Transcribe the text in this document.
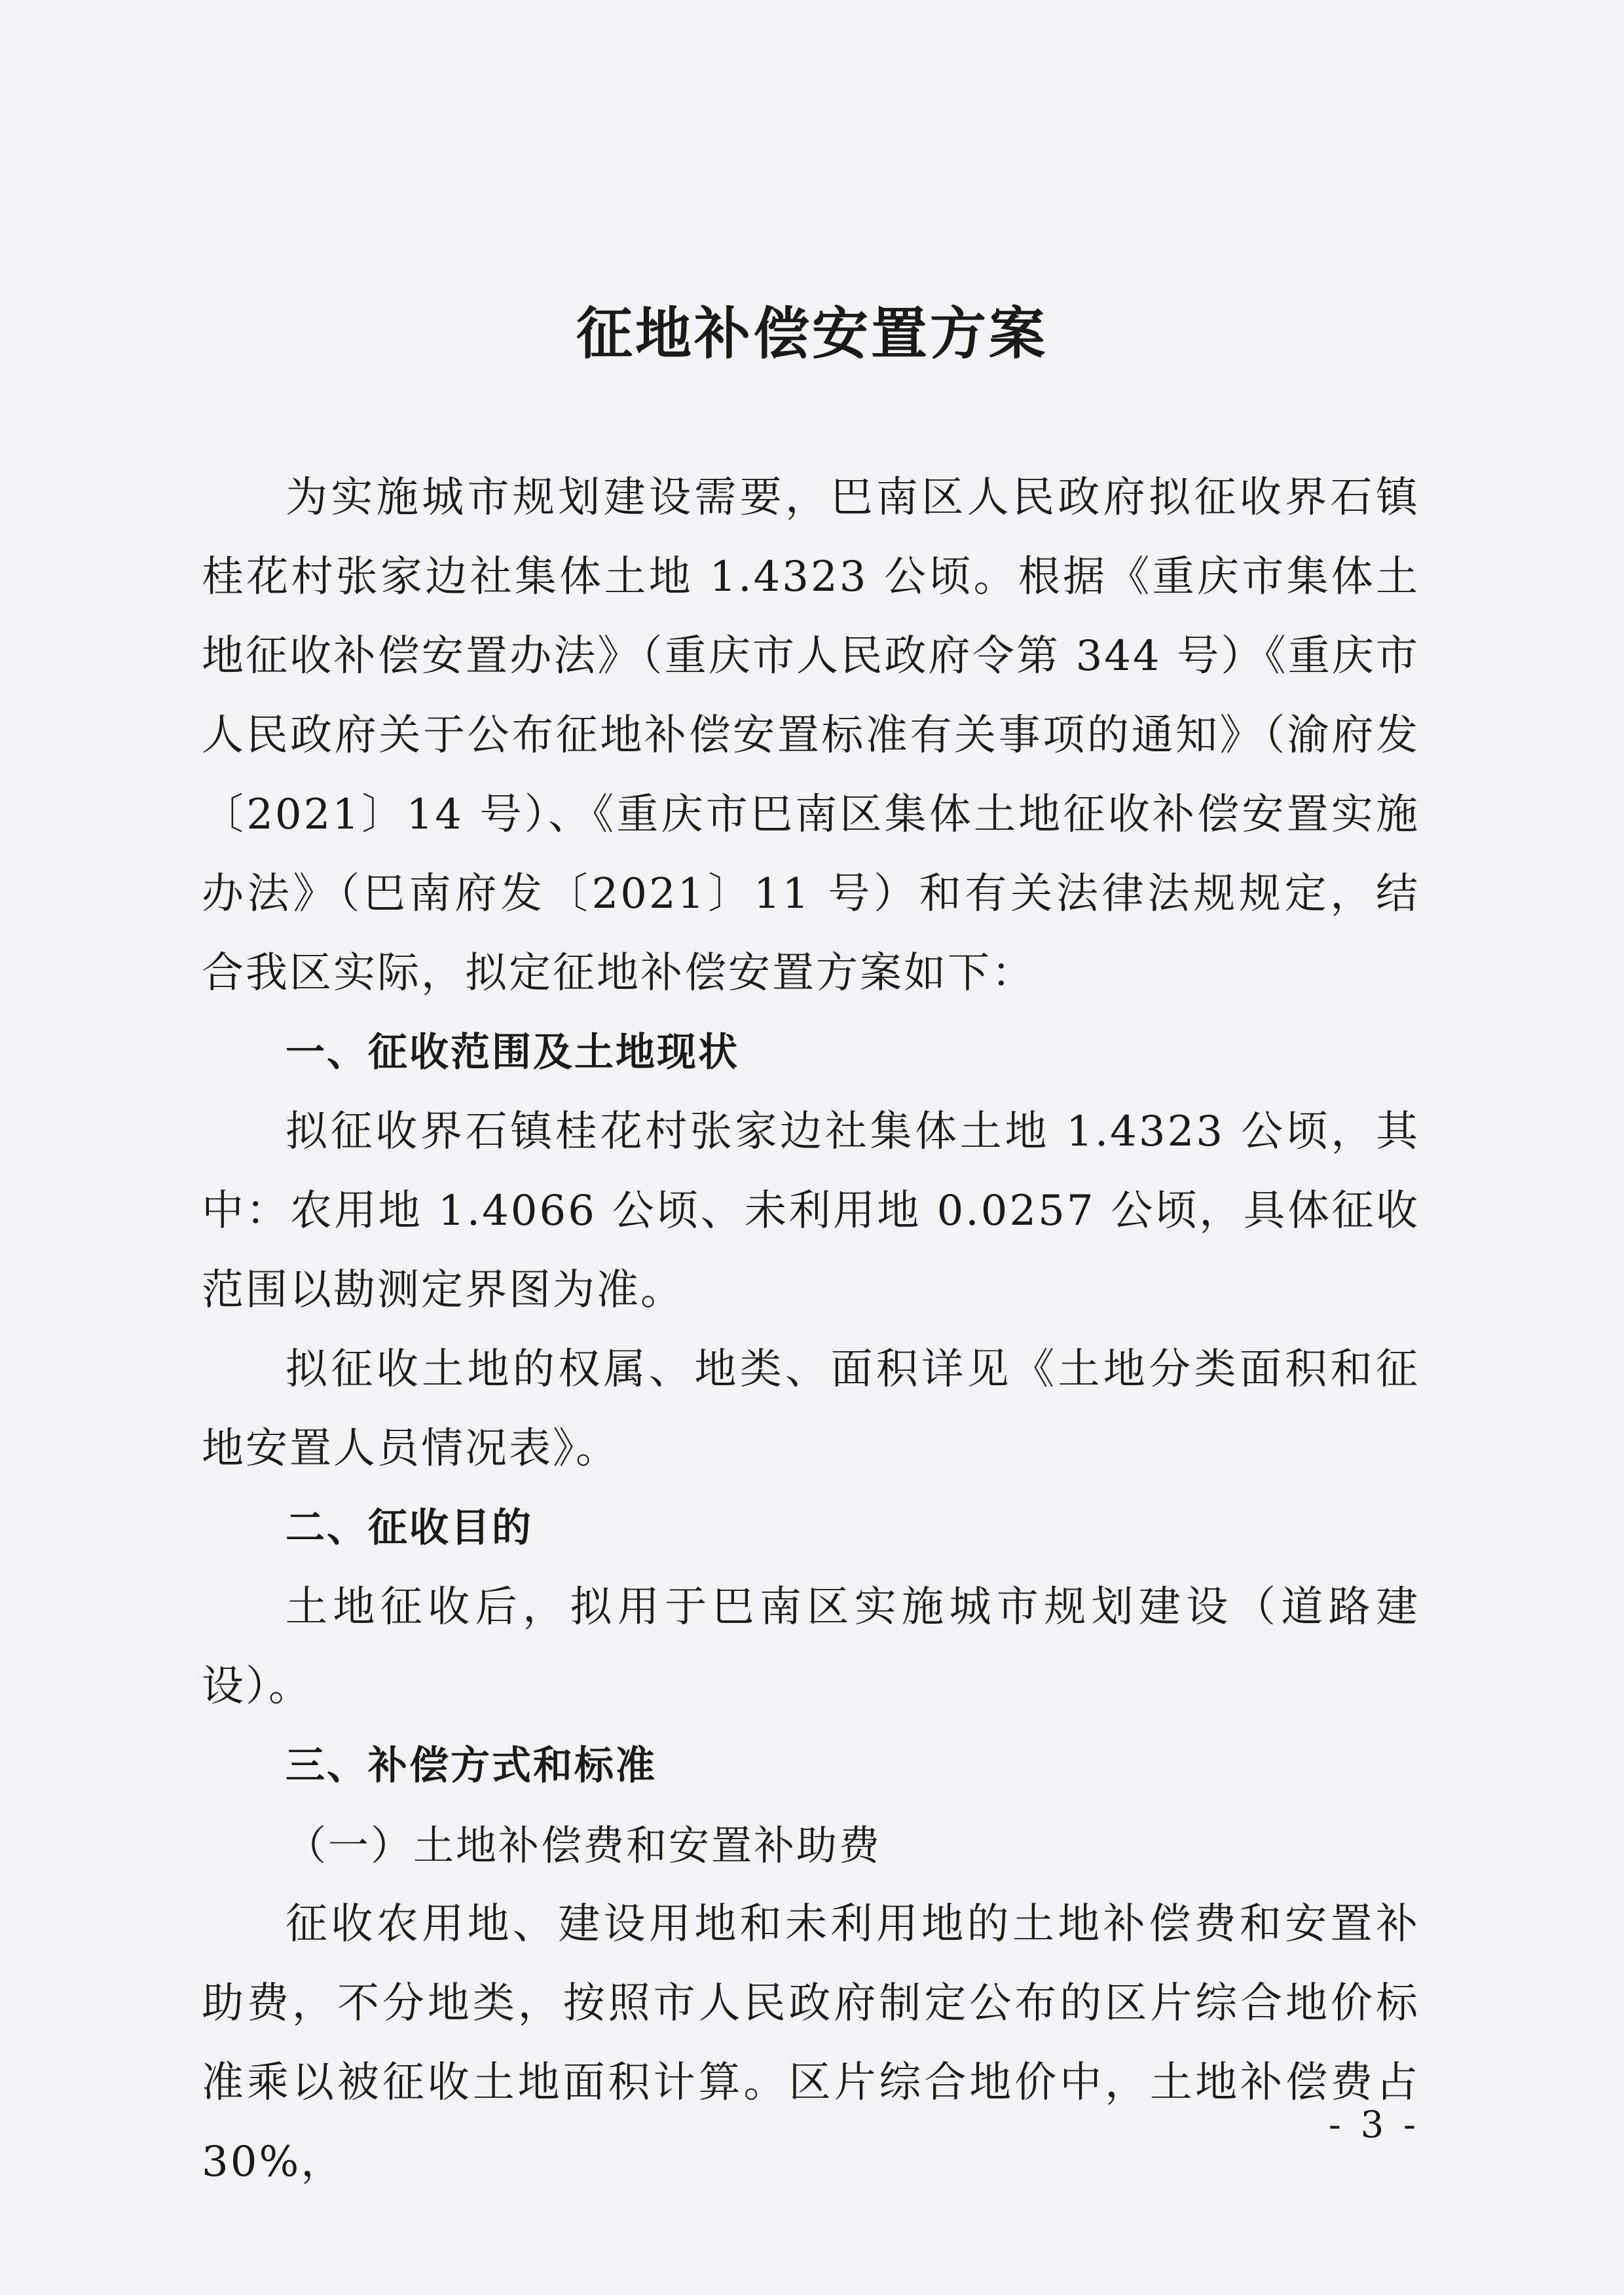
征地补偿安置方案

为实施城市规划建设需要，巴南区人民政府拟征收界石镇桂花村张家边社集体土地 1.4323 公顷。根据《重庆市集体土地征收补偿安置办法》（重庆市人民政府令第 344 号）《重庆市人民政府关于公布征地补偿安置标准有关事项的通知》（渝府发〔2021〕14 号）、《重庆市巴南区集体土地征收补偿安置实施办法》（巴南府发〔2021〕11 号）和有关法律法规规定，结合我区实际，拟定征地补偿安置方案如下：

一、征收范围及土地现状

拟征收界石镇桂花村张家边社集体土地 1.4323 公顷，其中：农用地 1.4066 公顷、未利用地 0.0257 公顷，具体征收范围以勘测定界图为准。

拟征收土地的权属、地类、面积详见《土地分类面积和征地安置人员情况表》。

二、征收目的

土地征收后，拟用于巴南区实施城市规划建设（道路建设）。

三、补偿方式和标准

（一）土地补偿费和安置补助费

征收农用地、建设用地和未利用地的土地补偿费和安置补助费，不分地类，按照市人民政府制定公布的区片综合地价标准乘以被征收土地面积计算。区片综合地价中，土地补偿费占 30%，

- 3 -
